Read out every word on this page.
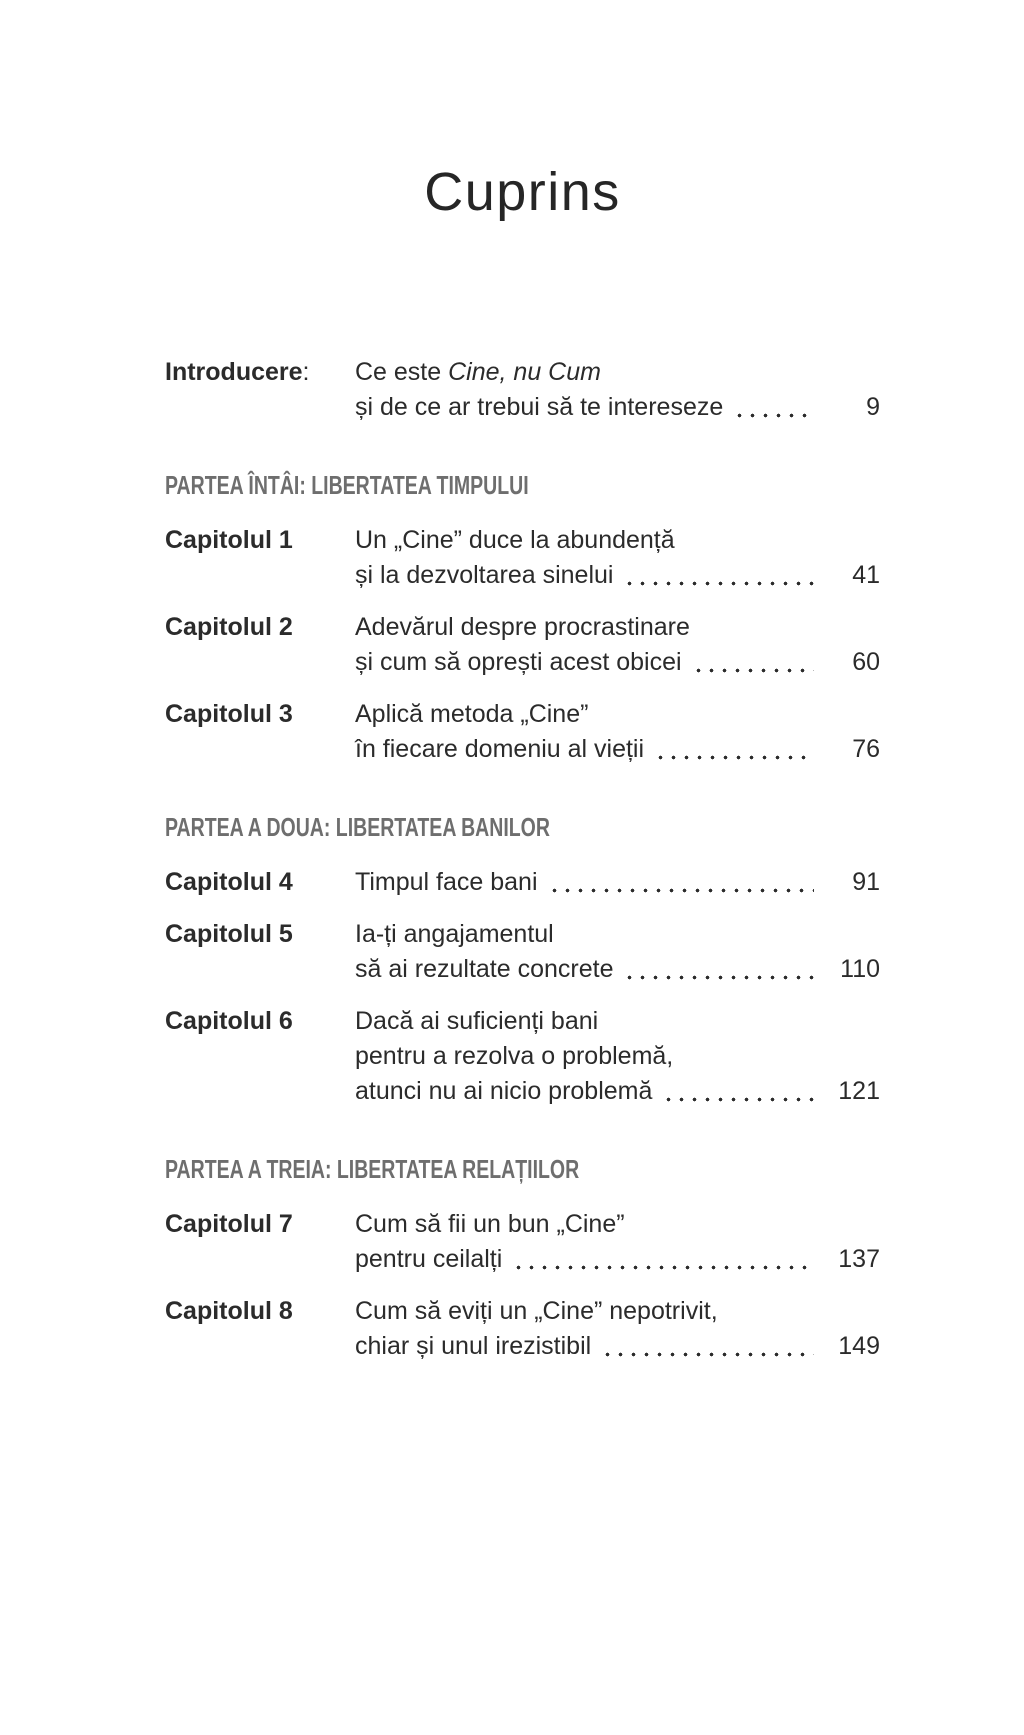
Cuprins
Introducere:	Ce este Cine, nu Cum
și de ce ar trebui să te intereseze	9
PARTEA ÎNTÂI: LIBERTATEA TIMPULUI
Capitolul 1	Un „Cine” duce la abundență
și la dezvoltarea sinelui	41
Capitolul 2	Adevărul despre procrastinare
și cum să oprești acest obicei	60
Capitolul 3	Aplică metoda „Cine”
în fiecare domeniu al vieții	76
PARTEA A DOUA: LIBERTATEA BANILOR
Capitolul 4	Timpul face bani	91
Capitolul 5	Ia-ți angajamentul
să ai rezultate concrete	110
Capitolul 6	Dacă ai suficienți bani
pentru a rezolva o problemă,
atunci nu ai nicio problemă	121
PARTEA A TREIA: LIBERTATEA RELAȚIILOR
Capitolul 7	Cum să fii un bun „Cine”
pentru ceilalți	137
Capitolul 8	Cum să eviți un „Cine” nepotrivit,
chiar și unul irezistibil	149
